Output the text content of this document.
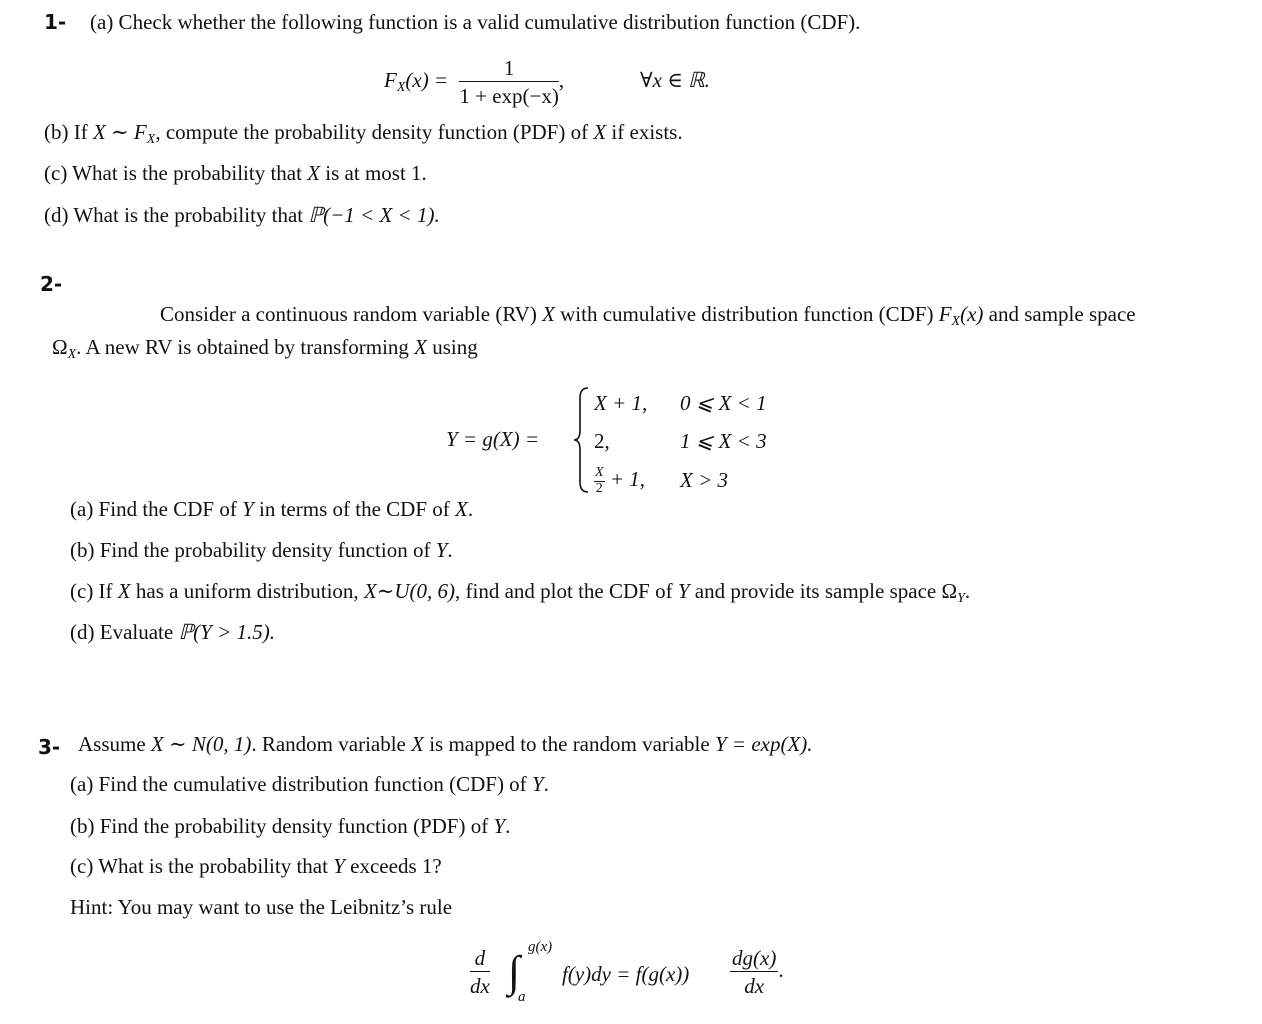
1- (a) Check whether the following function is a valid cumulative distribution function (CDF).
$F_X(x) = \frac{1}{1 + \exp(-x)}$ ,	∀x ∈ ℝ.
(b) If X ∼ $F_X$, compute the probability density function (PDF) of X if exists.
(c) What is the probability that X is at most 1.
(d) What is the probability that ℙ(−1 < X < 1).
2-
Consider a continuous random variable (RV) X with cumulative distribution function (CDF) $F_X(x)$ and sample space
$\Omega_X$. A new RV is obtained by transforming X using
Y = g(X) =
X + 1, 0 ⩽ X < 1
2,	1 ⩽ X < 3
$\frac{X}{2} + 1$, X > 3
(a) Find the CDF of Y in terms of the CDF of X.
(b) Find the probability density function of Y.
(c) If X has a uniform distribution, X∼U(0, 6), find and plot the CDF of Y and provide its sample space $\Omega_Y$.
(d) Evaluate ℙ(Y > 1.5).
3- Assume X ∼ N(0, 1). Random variable X is mapped to the random variable Y = exp(X).
(a) Find the cumulative distribution function (CDF) of Y.
(b) Find the probability density function (PDF) of Y.
(c) What is the probability that Y exceeds 1?
Hint: You may want to use the Leibnitz’s rule
$\frac{d}{dx}$ ∫ g(x)
a
$f(y)dy = f(g(x)) \frac{dg(x)}{dx}$ .
